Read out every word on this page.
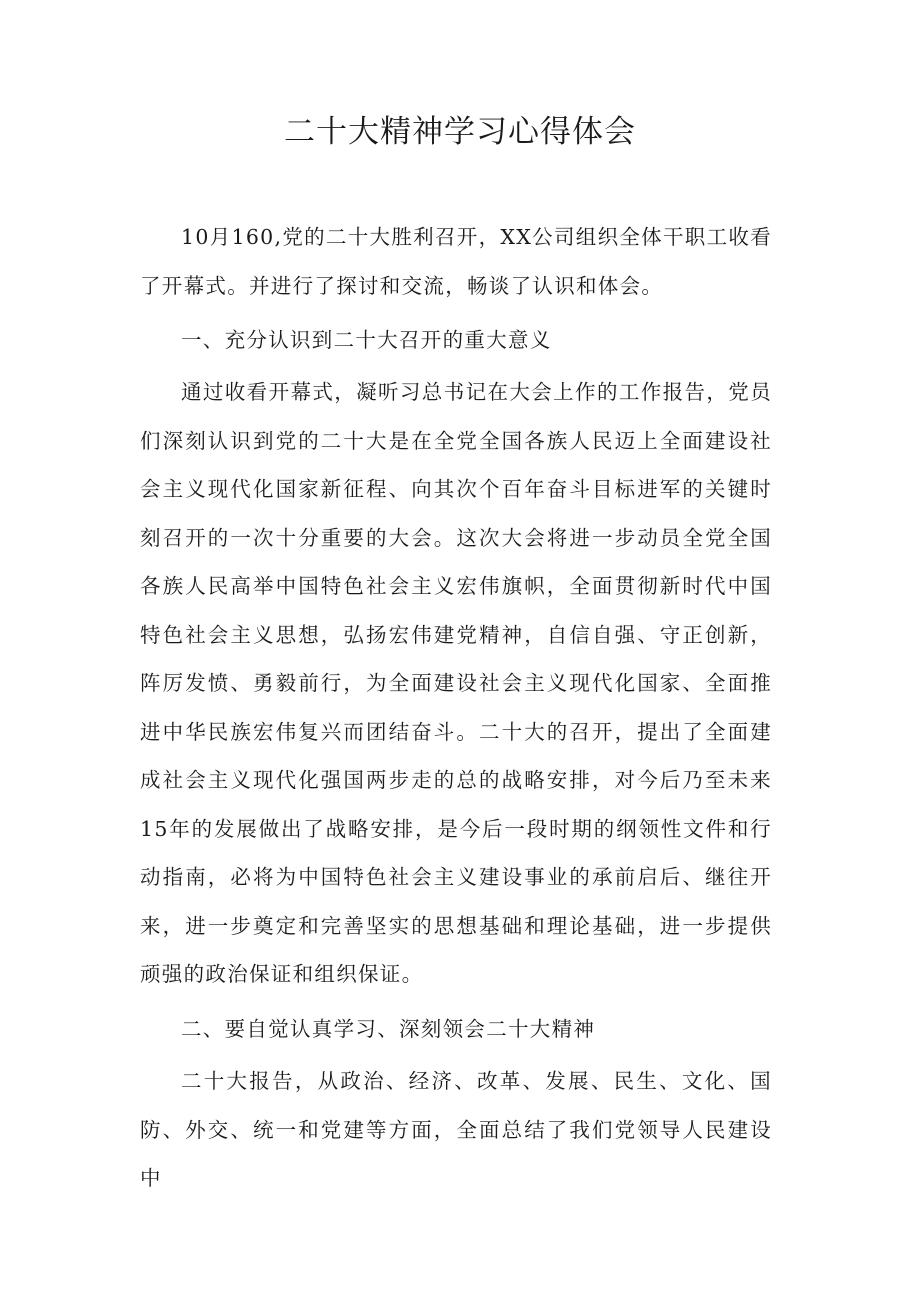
二十大精神学习心得体会

10月160,党的二十大胜利召开，XX公司组织全体干职工收看了开幕式。并进行了探讨和交流，畅谈了认识和体会。

一、充分认识到二十大召开的重大意义

通过收看开幕式，凝听习总书记在大会上作的工作报告，党员们深刻认识到党的二十大是在全党全国各族人民迈上全面建设社会主义现代化国家新征程、向其次个百年奋斗目标进军的关键时刻召开的一次十分重要的大会。这次大会将进一步动员全党全国各族人民高举中国特色社会主义宏伟旗帜，全面贯彻新时代中国特色社会主义思想，弘扬宏伟建党精神，自信自强、守正创新，阵厉发愤、勇毅前行，为全面建设社会主义现代化国家、全面推进中华民族宏伟复兴而团结奋斗。二十大的召开，提出了全面建成社会主义现代化强国两步走的总的战略安排，对今后乃至未来15年的发展做出了战略安排，是今后一段时期的纲领性文件和行动指南，必将为中国特色社会主义建设事业的承前启后、继往开来，进一步奠定和完善坚实的思想基础和理论基础，进一步提供顽强的政治保证和组织保证。

二、要自觉认真学习、深刻领会二十大精神

二十大报告，从政治、经济、改革、发展、民生、文化、国防、外交、统一和党建等方面，全面总结了我们党领导人民建设中
